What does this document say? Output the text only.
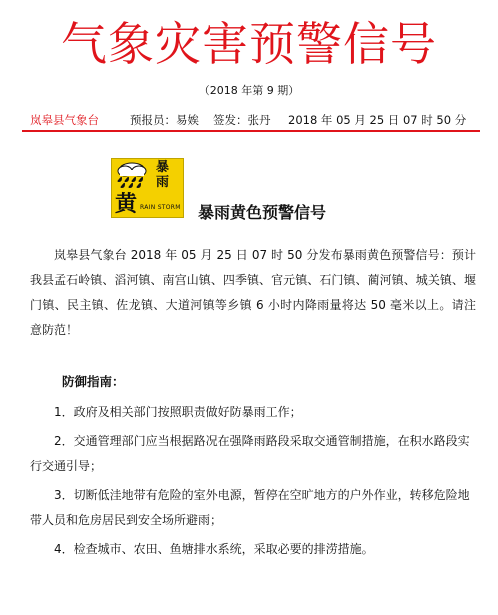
气象灾害预警信号
（2018 年第 9 期）
岚皋县气象台	预报员：易娭 签发：张丹 2018 年 05 月 25 日 07 时 50 分
暴
雨
黄 RAIN STORM 暴雨黄色预警信号
岚皋县气象台 2018 年 05 月 25 日 07 时 50 分发布暴雨黄色预警信号：预计我县孟石岭镇、滔河镇、南宫山镇、四季镇、官元镇、石门镇、蔺河镇、城关镇、堰门镇、民主镇、佐龙镇、大道河镇等乡镇 6 小时内降雨量将达 50 毫米以上。请注意防范！
防御指南：
1．政府及相关部门按照职责做好防暴雨工作；
2．交通管理部门应当根据路况在强降雨路段采取交通管制措施，在积水路段实行交通引导；
3．切断低洼地带有危险的室外电源，暂停在空旷地方的户外作业，转移危险地带人员和危房居民到安全场所避雨；
4．检查城市、农田、鱼塘排水系统，采取必要的排涝措施。
